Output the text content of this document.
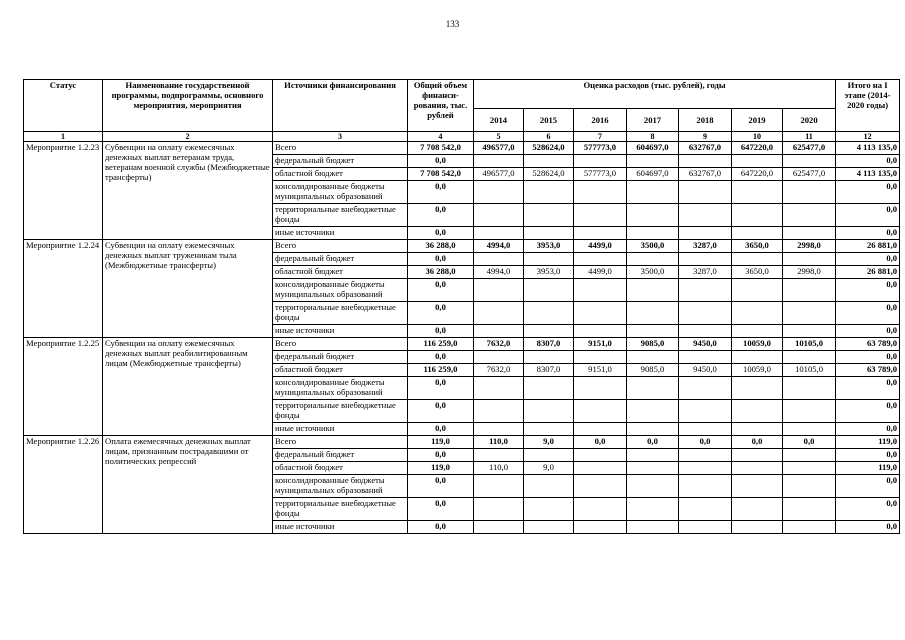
133
Статус	Наименование государственной программы, подпрограммы, основного мероприятия, мероприятия	Источники финансирования	Общий объем финанси-рования, тыс. рублей	Оценка расходов (тыс. рублей), годы							Итого на I этапе (2014-2020 годы)
				2014	2015	2016	2017	2018	2019	2020	
1	2	3	4	5	6	7	8	9	10	11	12
Мероприятие 1.2.23	Субвенции на оплату ежемесячных денежных выплат ветеранам труда, ветеранам военной службы (Межбюджетные трансферты)	Всего	7 708 542,0	496577,0	528624,0	577773,0	604697,0	632767,0	647220,0	625477,0	4 113 135,0
		федеральный бюджет	0,0								0,0
		областной бюджет	7 708 542,0	496577,0	528624,0	577773,0	604697,0	632767,0	647220,0	625477,0	4 113 135,0
		консолидированные бюджеты муниципальных образований	0,0								0,0
		территориальные внебюджетные фонды	0,0								0,0
		иные источники	0,0								0,0
Мероприятие 1.2.24	Субвенции на оплату ежемесячных денежных выплат труженикам тыла (Межбюджетные трансферты)	Всего	36 288,0	4994,0	3953,0	4499,0	3500,0	3287,0	3650,0	2998,0	26 881,0
		федеральный бюджет	0,0								0,0
		областной бюджет	36 288,0	4994,0	3953,0	4499,0	3500,0	3287,0	3650,0	2998,0	26 881,0
		консолидированные бюджеты муниципальных образований	0,0								0,0
		территориальные внебюджетные фонды	0,0								0,0
		иные источники	0,0								0,0
Мероприятие 1.2.25	Субвенции на оплату ежемесячных денежных выплат реабилитированным лицам (Межбюджетные трансферты)	Всего	116 259,0	7632,0	8307,0	9151,0	9085,0	9450,0	10059,0	10105,0	63 789,0
		федеральный бюджет	0,0								0,0
		областной бюджет	116 259,0	7632,0	8307,0	9151,0	9085,0	9450,0	10059,0	10105,0	63 789,0
		консолидированные бюджеты муниципальных образований	0,0								0,0
		территориальные внебюджетные фонды	0,0								0,0
		иные источники	0,0								0,0
Мероприятие 1.2.26	Оплата ежемесячных денежных выплат лицам, признанным пострадавшими от политических репрессий	Всего	119,0	110,0	9,0	0,0	0,0	0,0	0,0	0,0	119,0
		федеральный бюджет	0,0								0,0
		областной бюджет	119,0	110,0	9,0						119,0
		консолидированные бюджеты муниципальных образований	0,0								0,0
		территориальные внебюджетные фонды	0,0								0,0
		иные источники	0,0								0,0
